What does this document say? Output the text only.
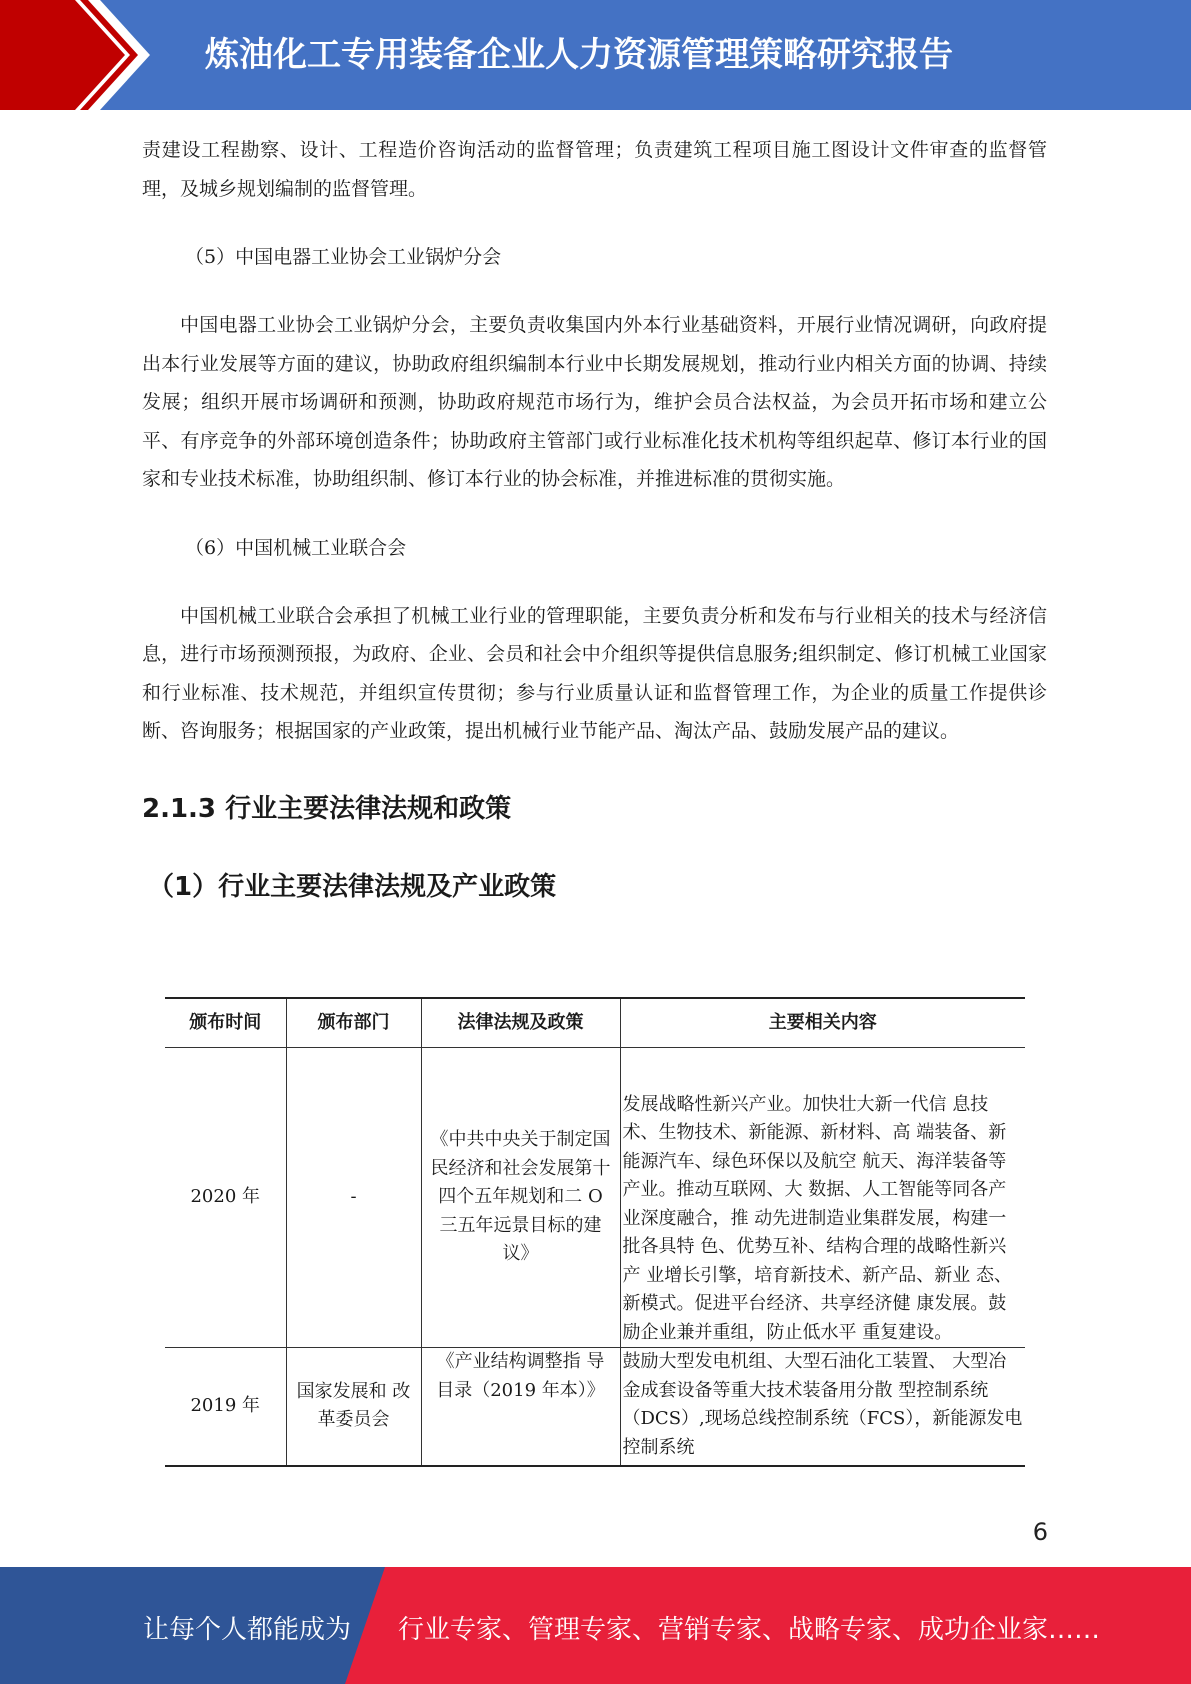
炼油化工专用装备企业人力资源管理策略研究报告

责建设工程勘察、设计、工程造价咨询活动的监督管理；负责建筑工程项目施工图设计文件审查的监督管理，及城乡规划编制的监督管理。

（5）中国电器工业协会工业锅炉分会

中国电器工业协会工业锅炉分会，主要负责收集国内外本行业基础资料，开展行业情况调研，向政府提出本行业发展等方面的建议，协助政府组织编制本行业中长期发展规划，推动行业内相关方面的协调、持续发展；组织开展市场调研和预测，协助政府规范市场行为，维护会员合法权益，为会员开拓市场和建立公平、有序竞争的外部环境创造条件；协助政府主管部门或行业标准化技术机构等组织起草、修订本行业的国家和专业技术标准，协助组织制、修订本行业的协会标准，并推进标准的贯彻实施。

（6）中国机械工业联合会

中国机械工业联合会承担了机械工业行业的管理职能，主要负责分析和发布与行业相关的技术与经济信息，进行市场预测预报，为政府、企业、会员和社会中介组织等提供信息服务;组织制定、修订机械工业国家和行业标准、技术规范，并组织宣传贯彻；参与行业质量认证和监督管理工作，为企业的质量工作提供诊断、咨询服务；根据国家的产业政策，提出机械行业节能产品、淘汰产品、鼓励发展产品的建议。

2.1.3 行业主要法律法规和政策

（1）行业主要法律法规及产业政策

颁布时间	颁布部门	法律法规及政策	主要相关内容
2020 年	-	《中共中央关于制定国民经济和社会发展第十四个五年规划和二 O 三五年远景目标的建议》	发展战略性新兴产业。加快壮大新一代信 息技术、生物技术、新能源、新材料、高 端装备、新能源汽车、绿色环保以及航空 航天、海洋装备等产业。推动互联网、大 数据、人工智能等同各产业深度融合，推 动先进制造业集群发展，构建一批各具特 色、优势互补、结构合理的战略性新兴产 业增长引擎，培育新技术、新产品、新业 态、新模式。促进平台经济、共享经济健 康发展。鼓励企业兼并重组，防止低水平 重复建设。
2019 年	国家发展和 改革委员会	《产业结构调整指 导目录（2019 年本）》	鼓励大型发电机组、大型石油化工装置、 大型冶金成套设备等重大技术装备用分散 型控制系统（DCS）,现场总线控制系统（FCS），新能源发电控制系统
6
让每个人都能成为 行业专家、管理专家、营销专家、战略专家、成功企业家……
